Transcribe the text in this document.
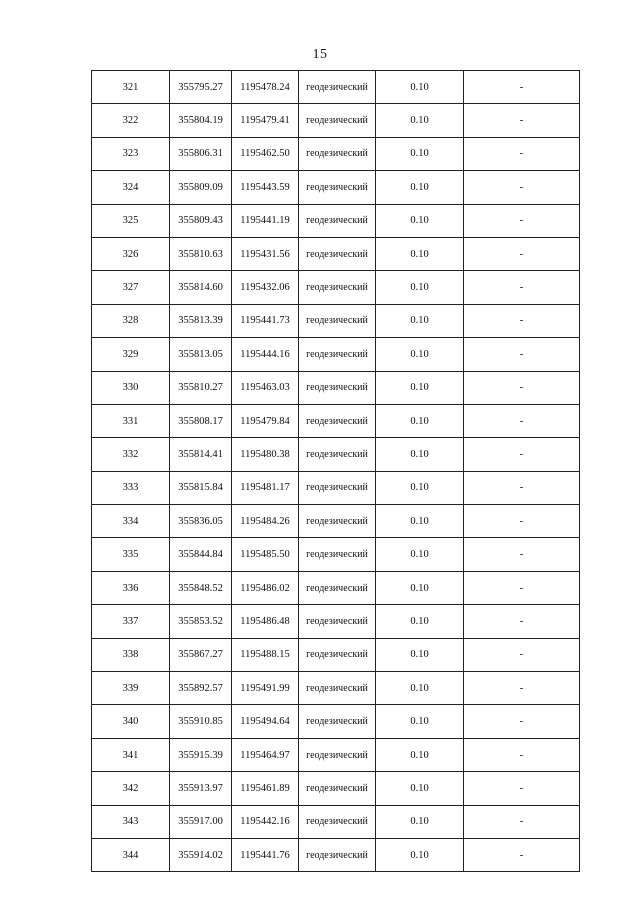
15
321	355795.27	1195478.24	геодезический	0.10	-
322	355804.19	1195479.41	геодезический	0.10	-
323	355806.31	1195462.50	геодезический	0.10	-
324	355809.09	1195443.59	геодезический	0.10	-
325	355809.43	1195441.19	геодезический	0.10	-
326	355810.63	1195431.56	геодезический	0.10	-
327	355814.60	1195432.06	геодезический	0.10	-
328	355813.39	1195441.73	геодезический	0.10	-
329	355813.05	1195444.16	геодезический	0.10	-
330	355810.27	1195463.03	геодезический	0.10	-
331	355808.17	1195479.84	геодезический	0.10	-
332	355814.41	1195480.38	геодезический	0.10	-
333	355815.84	1195481.17	геодезический	0.10	-
334	355836.05	1195484.26	геодезический	0.10	-
335	355844.84	1195485.50	геодезический	0.10	-
336	355848.52	1195486.02	геодезический	0.10	-
337	355853.52	1195486.48	геодезический	0.10	-
338	355867.27	1195488.15	геодезический	0.10	-
339	355892.57	1195491.99	геодезический	0.10	-
340	355910.85	1195494.64	геодезический	0.10	-
341	355915.39	1195464.97	геодезический	0.10	-
342	355913.97	1195461.89	геодезический	0.10	-
343	355917.00	1195442.16	геодезический	0.10	-
344	355914.02	1195441.76	геодезический	0.10	-
